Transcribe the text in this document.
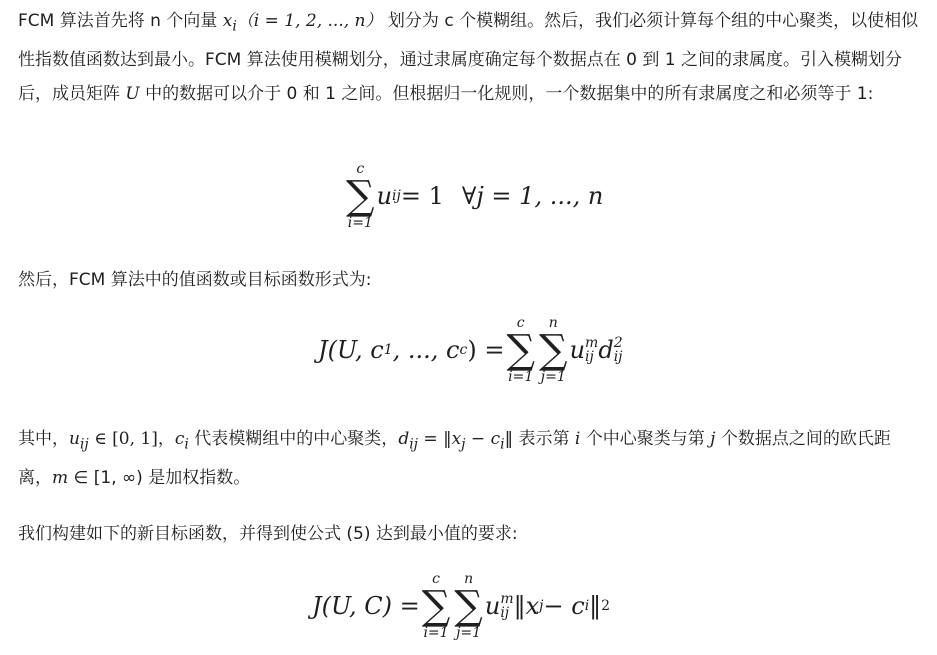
FCM 算法首先将 n 个向量 $x_i(i = 1$, 2, ..., n） 划分为 c 个模糊组。然后，我们必须计算每个组的中心聚类，以使相似性指数值函数达到最小。FCM 算法使用模糊划分，通过隶属度确定每个数据点在 0 到 1 之间的隶属度。引入模糊划分后，成员矩阵 U 中的数据可以介于 0 和 1 之间。但根据归一化规则，一个数据集中的所有隶属度之和必须等于 1:

c
∑
i=1
u ij = 1 ∀j = 1, ..., n

然后，FCM 算法中的值函数或目标函数形式为:

J(U, c 1 , ..., c c ) =
c
∑
i=1
n
∑
j=1
u m
ij d 2
ij

其中，$u_{ij}$ ∈ [0, 1]，$c_i$ 代表模糊组中的中心聚类，$d_{ij}$ = $‖x_j$ − $c_i‖$ 表示第 i 个中心聚类与第 j 个数据点之间的欧氏距离，m ∈ [1, ∞) 是加权指数。

我们构建如下的新目标函数，并得到使公式 (5) 达到最小值的要求:

J(U, C) =
c
∑
i=1
n
∑
j=1
u m
ij ‖x j − c i ‖ 2
